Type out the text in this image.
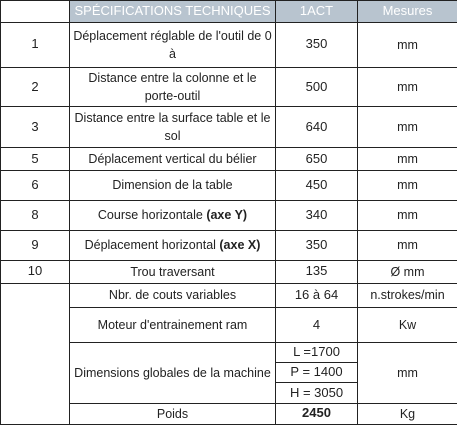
	SPÉCIFICATIONS TECHNIQUES	1ACT	Mesures
1	Déplacement réglable de l'outil de 0 à	350	mm
2	Distance entre la colonne et le porte-outil	500	mm
3	Distance entre la surface table et le sol	640	mm
5	Déplacement vertical du bélier	650	mm
6	Dimension de la table	450	mm
8	Course horizontale (axe Y)	340	mm
9	Déplacement horizontal (axe X)	350	mm
10	Trou traversant	135	Ø mm
	Nbr. de couts variables	16 à 64	n.strokes/min
	Moteur d'entrainement ram	4	Kw
	Dimensions globales de la machine	L =1700	mm
		P = 1400	
		H = 3050	
	Poids	2450	Kg
